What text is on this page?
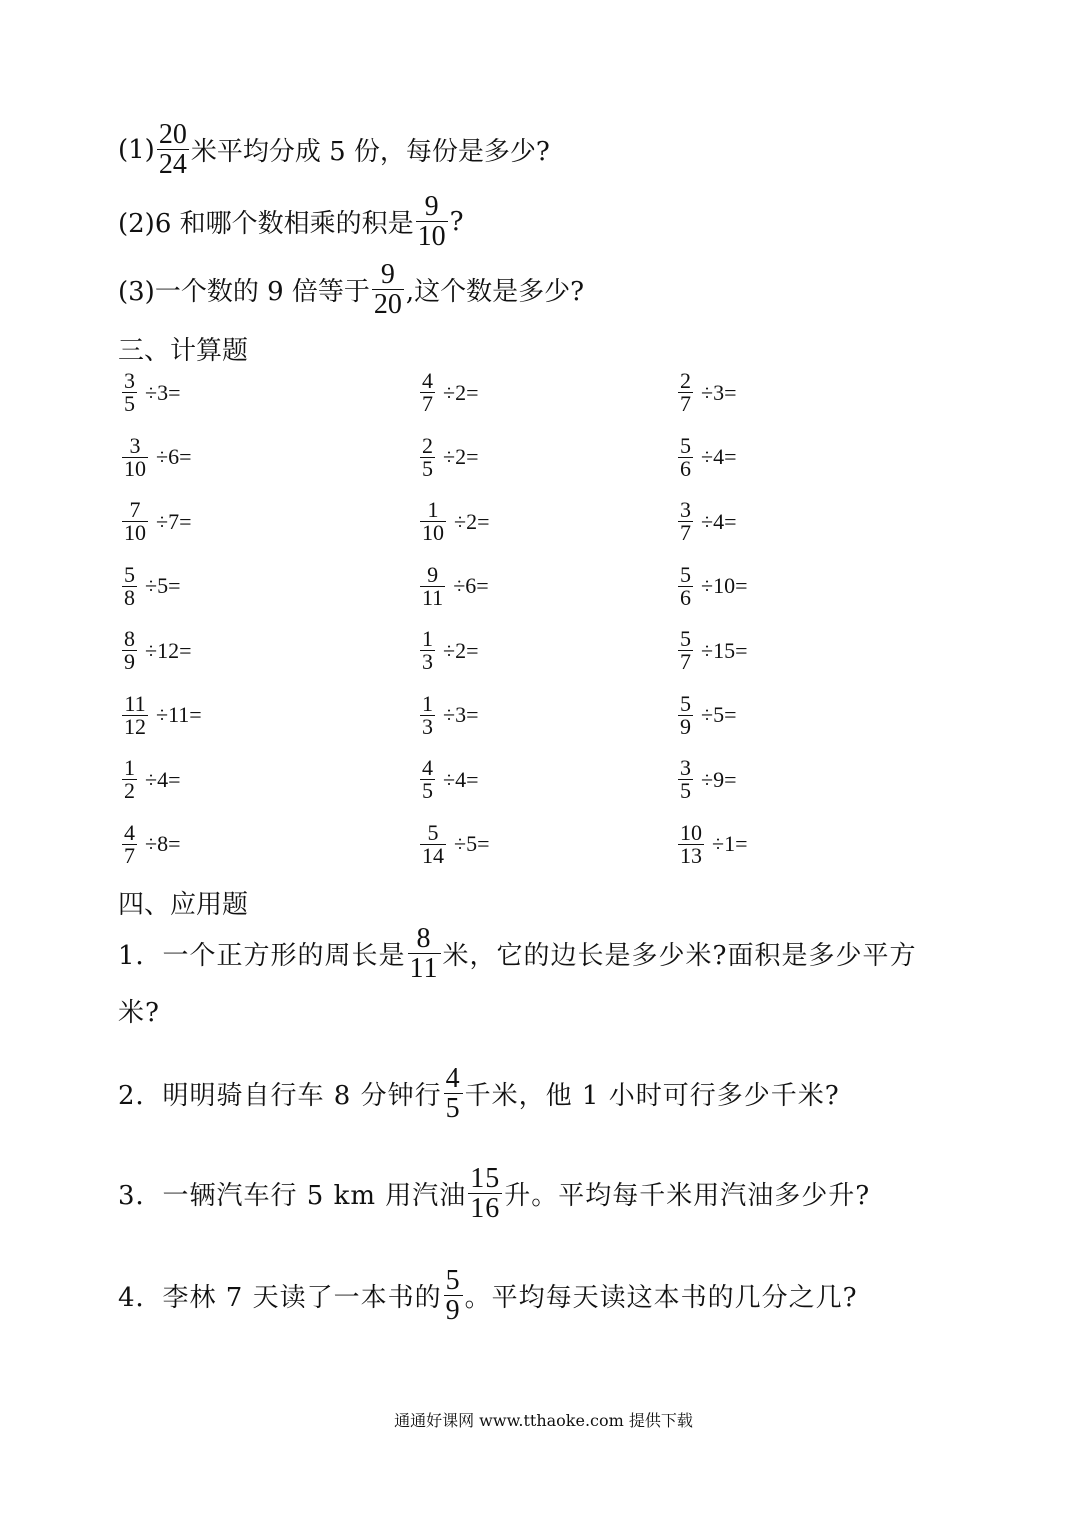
$(1) \frac{20}{24}$ 米平均分成 5 份，每份是多少?
(2)6 和哪个数相乘的积是 $\frac{9}{10}$ ?
(3)一个数的 9 倍等于 $\frac{9}{20}$ ,这个数是多少?
三、计算题
$\frac{3}{5} \div 3=$	$\frac{4}{7} \div 2=$	$\frac{2}{7} \div 3=$
$\frac{3}{10} \div 6=$	$\frac{2}{5} \div 2=$	$\frac{5}{6} \div 4=$
$\frac{7}{10} \div 7=$	$\frac{1}{10} \div 2=$	$\frac{3}{7} \div 4=$
$\frac{5}{8} \div 5=$	$\frac{9}{11} \div 6=$	$\frac{5}{6} \div 10=$
$\frac{8}{9} \div 12=$	$\frac{1}{3} \div 2=$	$\frac{5}{7} \div 15=$
$\frac{11}{12} \div 11=$	$\frac{1}{3} \div 3=$	$\frac{5}{9} \div 5=$
$\frac{1}{2} \div 4=$	$\frac{4}{5} \div 4=$	$\frac{3}{5} \div 9=$
$\frac{4}{7} \div 8=$	$\frac{5}{14} \div 5=$	$\frac{10}{13} \div 1=$
四、应用题
1．一个正方形的周长是 $\frac{8}{11}$ 米，它的边长是多少米?面积是多少平方
米?
2．明明骑自行车 8 分钟行 $\frac{4}{5}$ 千米，他 1 小时可行多少千米?
3．一辆汽车行 5 km 用汽油 $\frac{15}{16}$ 升。平均每千米用汽油多少升?
4．李林 7 天读了一本书的 $\frac{5}{9}$ 。平均每天读这本书的几分之几?
通通好课网 www.tthaoke.com 提供下载
